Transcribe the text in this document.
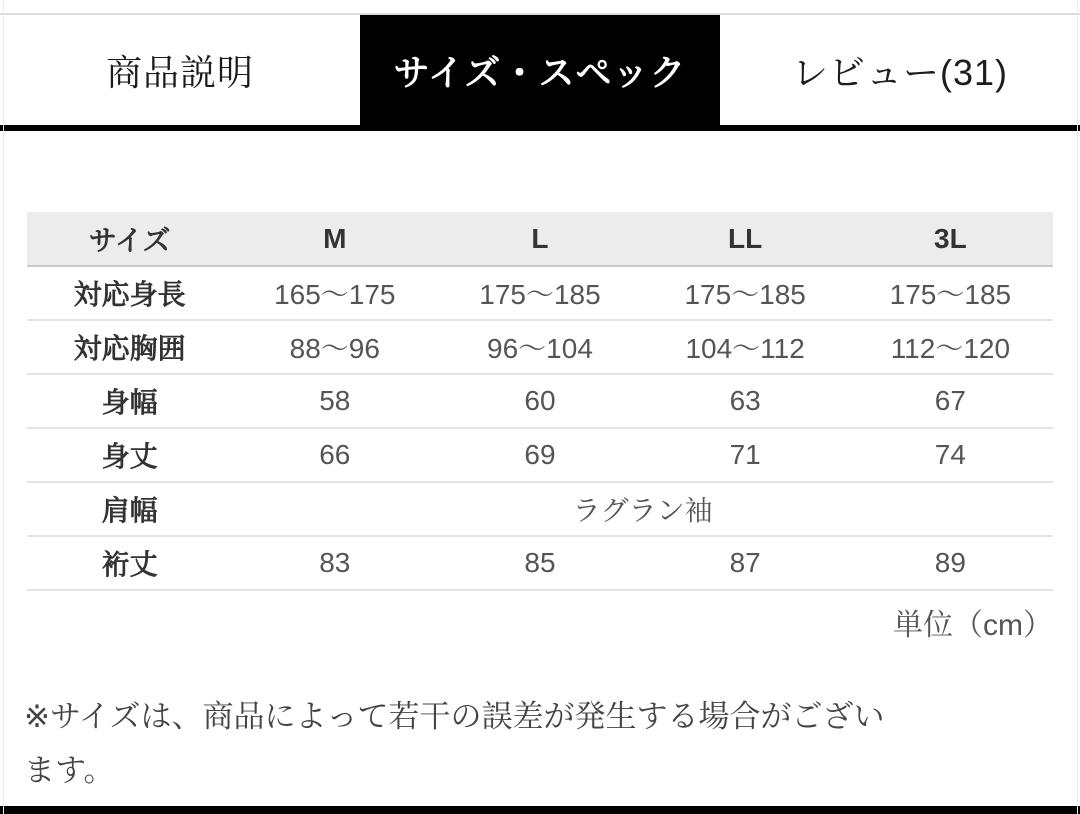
商品説明	サイズ・スペック	レビュー(31)
サイズ	M	L	LL	3L
対応身長	165〜175	175〜185	175〜185	175〜185
対応胸囲	88〜96	96〜104	104〜112	112〜120
身幅	58	60	63	67
身丈	66	69	71	74
肩幅	ラグラン袖			
裄丈	83	85	87	89
単位（cm）
※サイズは、商品によって若干の誤差が発生する場合がござい
ます。
